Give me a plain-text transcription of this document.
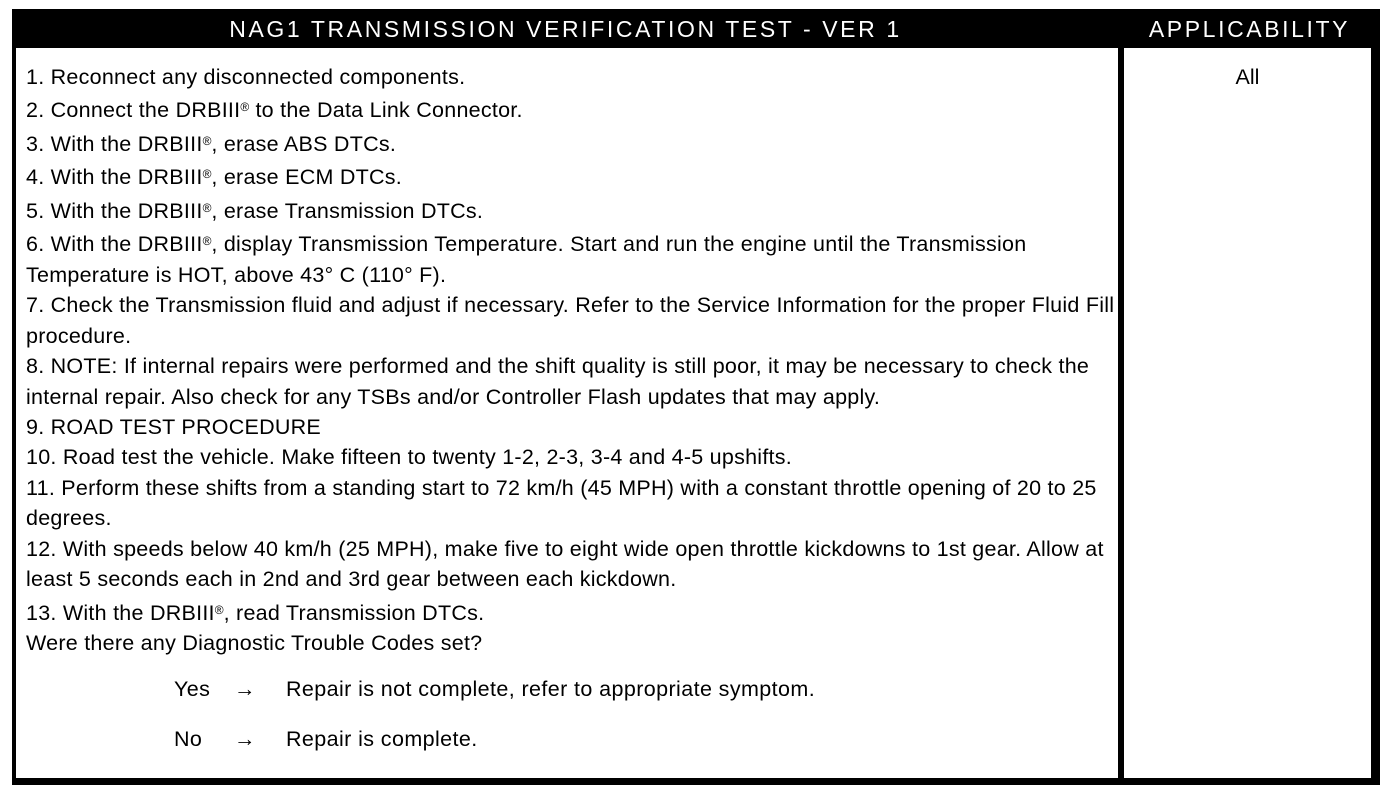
NAG1 TRANSMISSION VERIFICATION TEST - VER 1	APPLICABILITY
1. Reconnect any disconnected components.
2. Connect the DRBIII® to the Data Link Connector.
3. With the DRBIII®, erase ABS DTCs.
4. With the DRBIII®, erase ECM DTCs.
5. With the DRBIII®, erase Transmission DTCs.
6. With the DRBIII®, display Transmission Temperature. Start and run the engine until the Transmission Temperature is HOT, above 43° C (110° F).
7. Check the Transmission fluid and adjust if necessary. Refer to the Service Information for the proper Fluid Fill procedure.
8. NOTE: If internal repairs were performed and the shift quality is still poor, it may be necessary to check the internal repair. Also check for any TSBs and/or Controller Flash updates that may apply.
9. ROAD TEST PROCEDURE
10. Road test the vehicle. Make fifteen to twenty 1-2, 2-3, 3-4 and 4-5 upshifts.
11. Perform these shifts from a standing start to 72 km/h (45 MPH) with a constant throttle opening of 20 to 25 degrees.
12. With speeds below 40 km/h (25 MPH), make five to eight wide open throttle kickdowns to 1st gear. Allow at least 5 seconds each in 2nd and 3rd gear between each kickdown.
13. With the DRBIII®, read Transmission DTCs.
Were there any Diagnostic Trouble Codes set?
Yes	→	Repair is not complete, refer to appropriate symptom.
No	→	Repair is complete.
All
